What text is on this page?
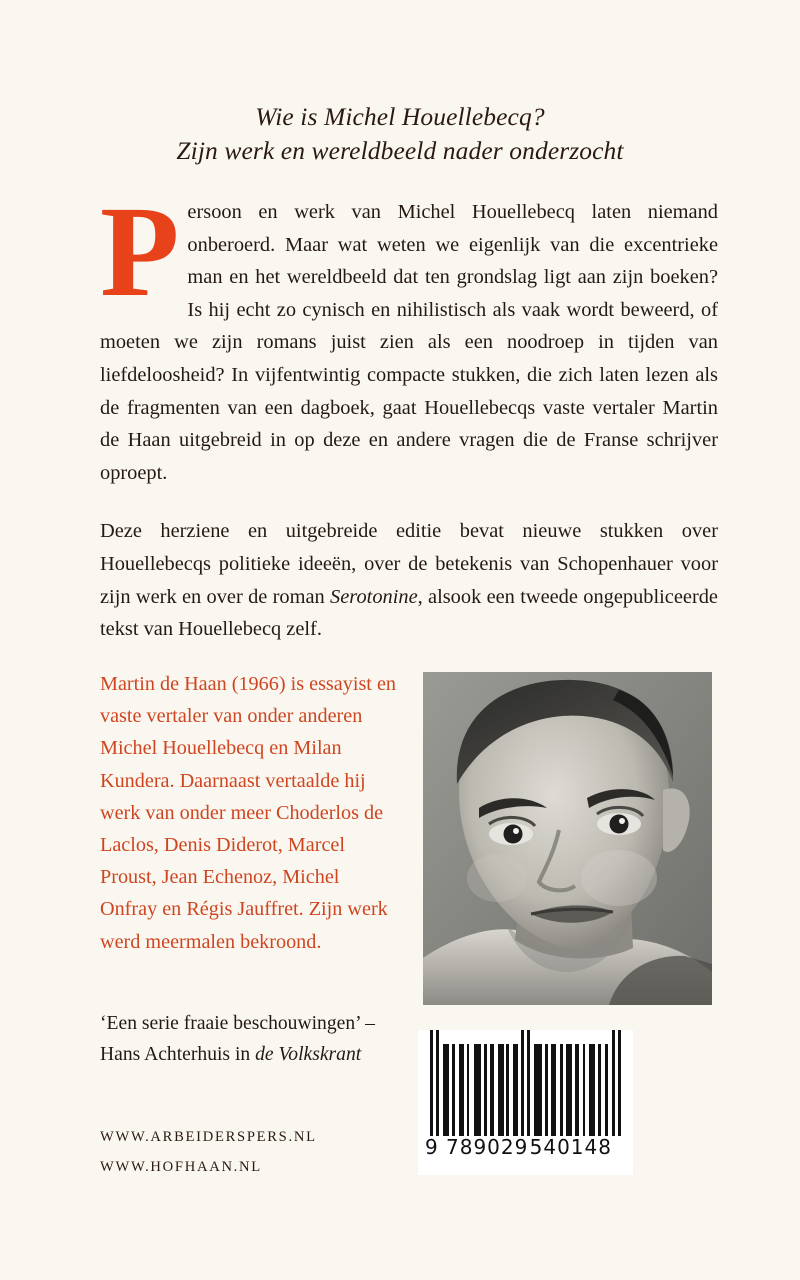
Wie is Michel Houellebecq?
Zijn werk en wereldbeeld nader onderzocht

Persoon en werk van Michel Houellebecq laten niemand onberoerd. Maar wat weten we eigenlijk van die excentrieke man en het wereldbeeld dat ten grondslag ligt aan zijn boeken? Is hij echt zo cynisch en nihilistisch als vaak wordt beweerd, of moeten we zijn romans juist zien als een noodroep in tijden van liefdeloosheid? In vijfentwintig compacte stukken, die zich laten lezen als de fragmenten van een dagboek, gaat Houellebecqs vaste vertaler Martin de Haan uitgebreid in op deze en andere vragen die de Franse schrijver oproept.

Deze herziene en uitgebreide editie bevat nieuwe stukken over Houellebecqs politieke ideeën, over de betekenis van Schopenhauer voor zijn werk en over de roman Serotonine, alsook een tweede ongepubliceerde tekst van Houellebecq zelf.

Martin de Haan (1966) is essayist en vaste vertaler van onder anderen Michel Houellebecq en Milan Kundera. Daarnaast vertaalde hij werk van onder meer Choderlos de Laclos, Denis Diderot, Marcel Proust, Jean Echenoz, Michel Onfray en Régis Jauffret. Zijn werk werd meermalen bekroond.
‘Een serie fraaie beschouwingen’ – Hans Achterhuis in de Volkskrant
WWW.ARBEIDERSPERS.NL
WWW.HOFHAAN.NL
9 789029 540148
